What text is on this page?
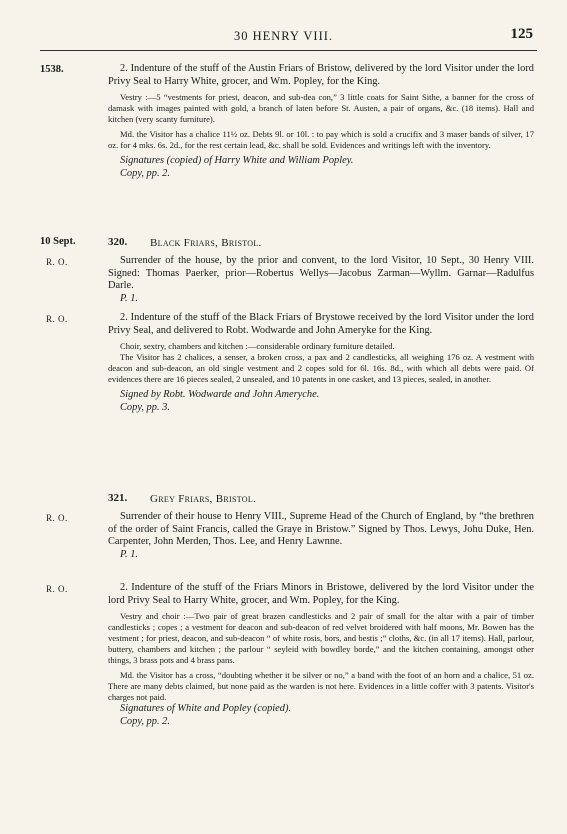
30 HENRY VIII.	125
1538.	2. Indenture of the stuff of the Austin Friars of Bristow, delivered by the lord Visitor under the lord Privy Seal to Harry White, grocer, and Wm. Popley, for the King.

Vestry :—5 “vestments for priest, deacon, and sub-dea con,” 3 little coats for Saint Sithe, a banner for the cross of damask with images painted with gold, a branch of laten before St. Austen, a pair of organs, &c. (18 items). Hall and kitchen (very scanty furniture).

Md. the Visitor has a chalice 11½ oz. Debts 9l. or 10l. : to pay which is sold a crucifix and 3 maser bands of silver, 17 oz. for 4 mks. 6s. 2d., for the rest certain lead, &c. shall be sold. Evidences and writings left with the inventory.

Signatures (copied) of Harry White and William Popley.

Copy, pp. 2.

10 Sept.	320. Black Friars, Bristol.
R. O.	Surrender of the house, by the prior and convent, to the lord Visitor, 10 Sept., 30 Henry VIII. Signed: Thomas Paerker, prior—Robertus Wellys—Jacobus Zarman—Wyllm. Garnar—Radulfus Darle.

P. 1.

R. O.	2. Indenture of the stuff of the Black Friars of Brystowe received by the lord Visitor under the lord Privy Seal, and delivered to Robt. Wodwarde and John Ameryke for the King.

Choir, sextry, chambers and kitchen :—considerable ordinary furniture detailed.

The Visitor has 2 chalices, a senser, a broken cross, a pax and 2 candlesticks, all weighing 176 oz. A vestment with deacon and sub-deacon, an old single vestment and 2 copes sold for 6l. 16s. 8d., with which all debts were paid. Of evidences there are 16 pieces sealed, 2 unsealed, and 10 patents in one casket, and 13 pieces, sealed, in another.

Signed by Robt. Wodwarde and John Ameryche.

Copy, pp. 3.

321. Grey Friars, Bristol.
R. O.	Surrender of their house to Henry VIII., Supreme Head of the Church of England, by “the brethren of the order of Saint Francis, called the Graye in Bristow.” Signed by Thos. Lewys, Johu Duke, Hen. Carpenter, John Merden, Thos. Lee, and Henry Lawnne.

P. 1.

R. O.	2. Indenture of the stuff of the Friars Minors in Bristowe, delivered by the lord Visitor under the lord Privy Seal to Harry White, grocer, and Wm. Popley, for the King.

Vestry and choir :—Two pair of great brazen candlesticks and 2 pair of small for the altar with a pair of timber candlesticks ; copes ; a vestment for deacon and sub-deacon of red velvet broidered with half moons, Mr. Bowen has the vestment ; for priest, deacon, and sub-deacon “ of white rosis, bors, and bestis ;” cloths, &c. (in all 17 items). Hall, parlour, buttery, chambers and kitchen ; the parlour “ seyleid with bowdley borde,” and the kitchen containing, amongst other things, 3 brass pots and 4 brass pans.

Md. the Visitor has a cross, “doubting whether it be silver or no,” a band with the foot of an horn and a chalice, 51 oz. There are many debts claimed, but none paid as the warden is not here. Evidences in a little coffer with 3 patents. Visitor's charges not paid.

Signatures of White and Popley (copied).

Copy, pp. 2.
